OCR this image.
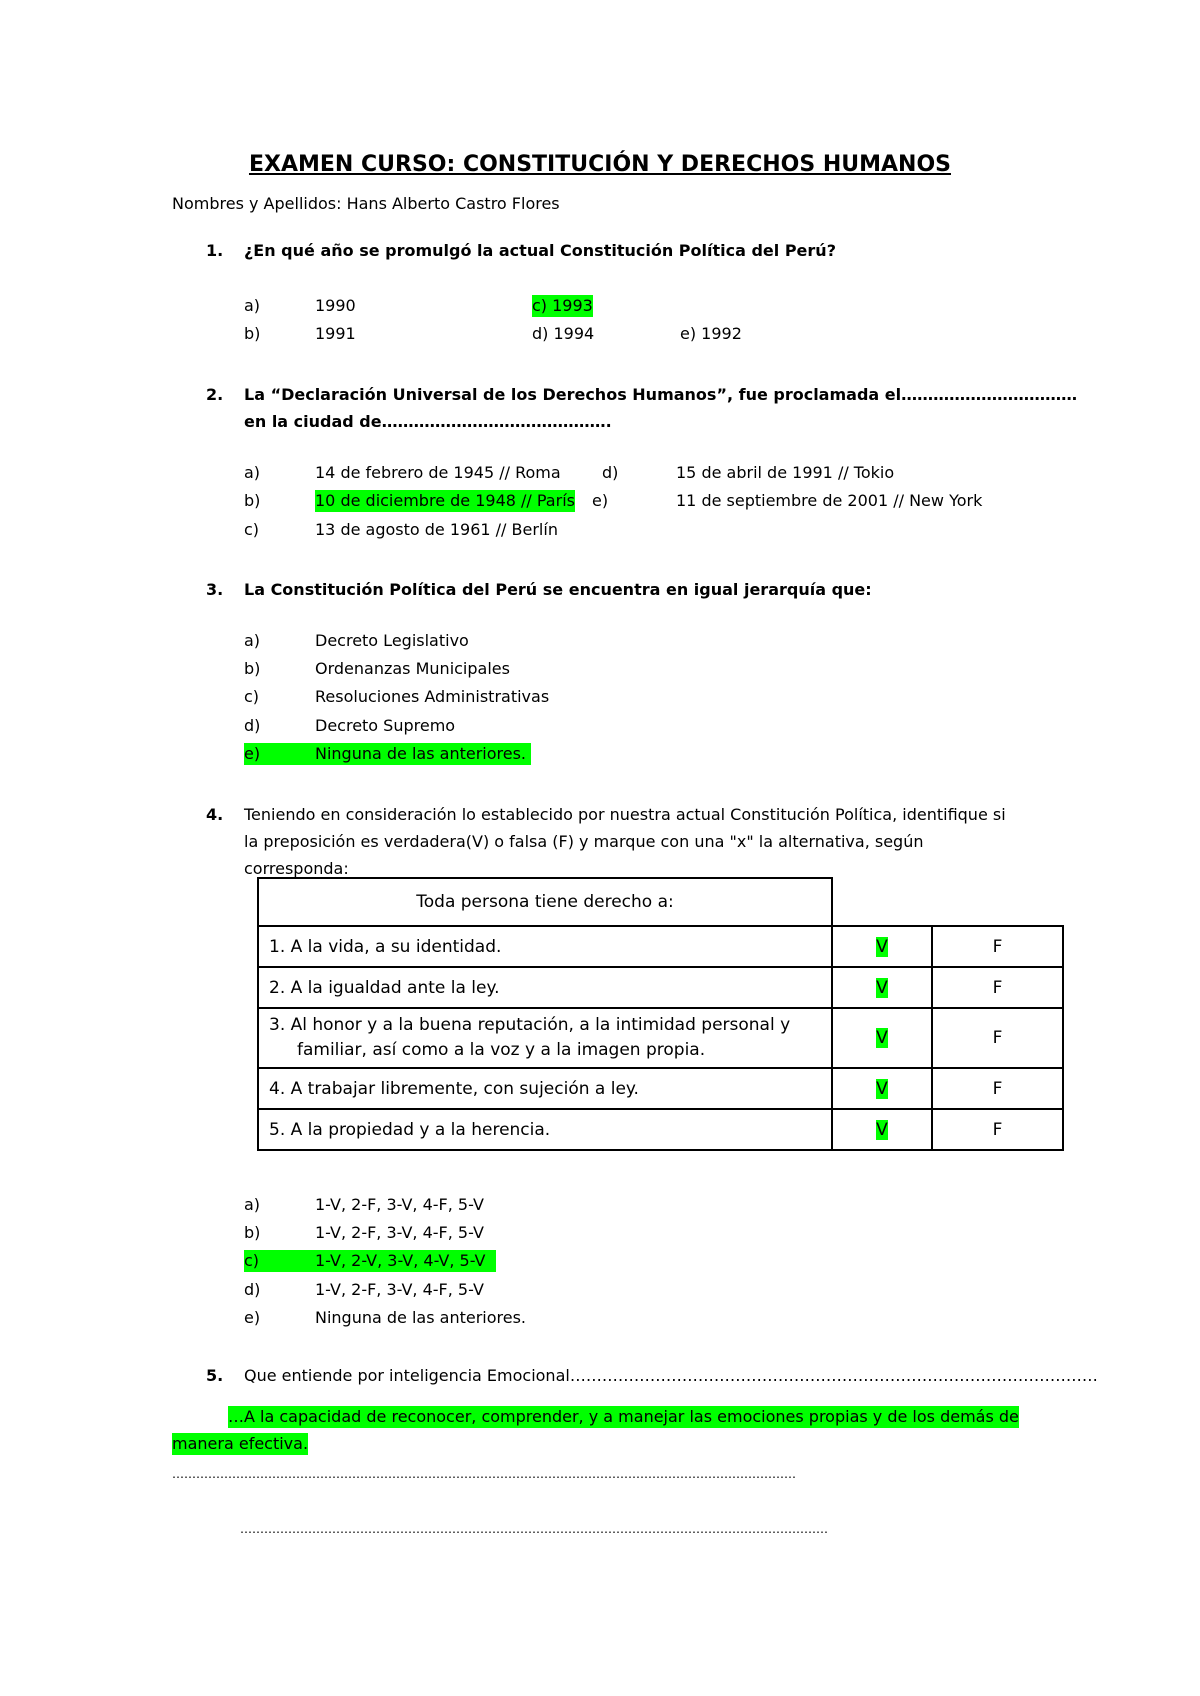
EXAMEN CURSO: CONSTITUCIÓN Y DERECHOS HUMANOS
Nombres y Apellidos: Hans Alberto Castro Flores
1. ¿En qué año se promulgó la actual Constitución Política del Perú?
a)	1990	c) 1993
b)	1991	d) 1994	e) 1992
2. La “Declaración Universal de los Derechos Humanos”, fue proclamada el……………………………
en la ciudad de…………………………………….
a)	14 de febrero de 1945 // Roma	d)	15 de abril de 1991 // Tokio
b)	10 de diciembre de 1948 // París e)	11 de septiembre de 2001 // New York
c)	13 de agosto de 1961 // Berlín
3. La Constitución Política del Perú se encuentra en igual jerarquía que:
a)	Decreto Legislativo
b)	Ordenanzas Municipales
c)	Resoluciones Administrativas
d)	Decreto Supremo
e)	Ninguna de las anteriores.
4. Teniendo en consideración lo establecido por nuestra actual Constitución Política, identifique si
la preposición es verdadera(V) o falsa (F) y marque con una "x" la alternativa, según
corresponda:
Toda persona tiene derecho a:		
1. A la vida, a su identidad.	V	F
2. A la igualdad ante la ley.	V	F

3. Al honor y a la buena reputación, a la intimidad personal y
familiar, así como a la voz y a la imagen propia.	V	F
4. A trabajar libremente, con sujeción a ley.	V	F
5. A la propiedad y a la herencia.	V	F
a)	1-V, 2-F, 3-V, 4-F, 5-V
b)	1-V, 2-F, 3-V, 4-F, 5-V
c)	1-V, 2-V, 3-V, 4-V, 5-V
d)	1-V, 2-F, 3-V, 4-F, 5-V
e)	Ninguna de las anteriores.
5. Que entiende por inteligencia Emocional………………………………………………………………………………………
…A la capacidad de reconocer, comprender, y a manejar las emociones propias y de los demás de
manera efectiva.
…………………………………………………………………………………………………………………………………………
…………………………………………………………………………………………………………………………………
